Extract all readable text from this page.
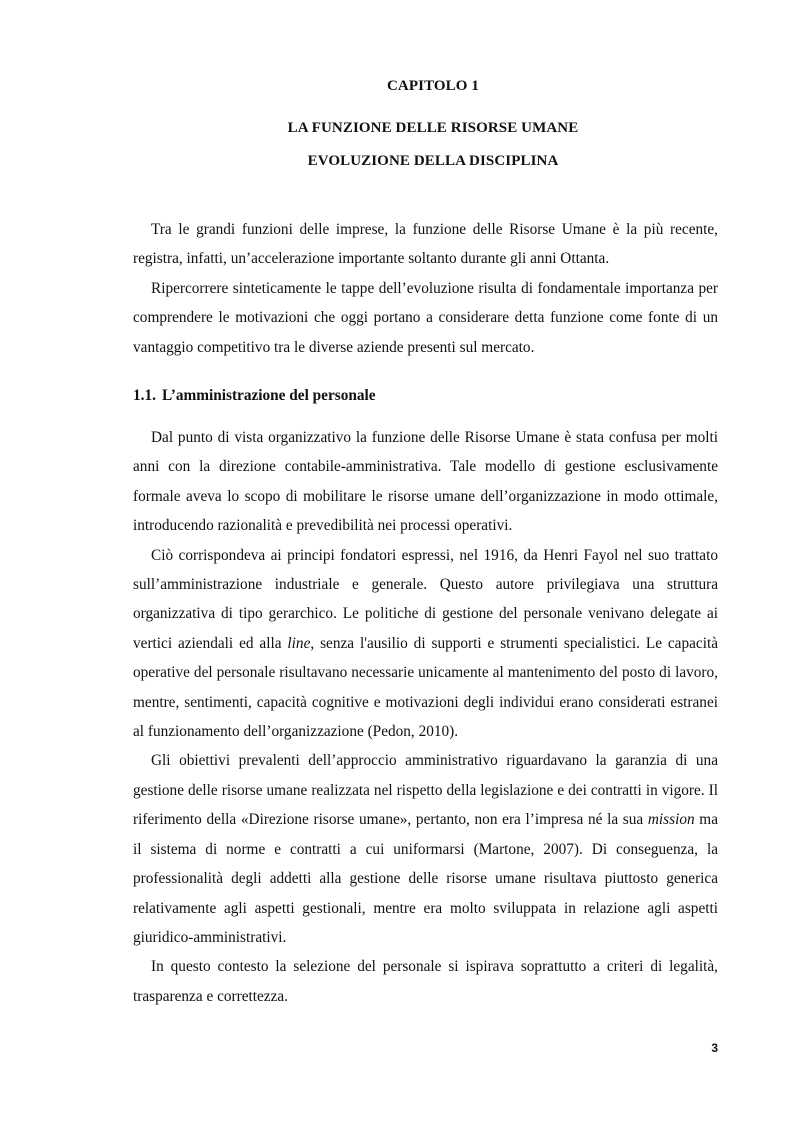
CAPITOLO 1
LA FUNZIONE DELLE RISORSE UMANE
EVOLUZIONE DELLA DISCIPLINA

Tra le grandi funzioni delle imprese, la funzione delle Risorse Umane è la più recente, registra, infatti, un’accelerazione importante soltanto durante gli anni Ottanta.

Ripercorrere sinteticamente le tappe dell’evoluzione risulta di fondamentale importanza per comprendere le motivazioni che oggi portano a considerare detta funzione come fonte di un vantaggio competitivo tra le diverse aziende presenti sul mercato.

1.1. L’amministrazione del personale

Dal punto di vista organizzativo la funzione delle Risorse Umane è stata confusa per molti anni con la direzione contabile-amministrativa. Tale modello di gestione esclusivamente formale aveva lo scopo di mobilitare le risorse umane dell’organizzazione in modo ottimale, introducendo razionalità e prevedibilità nei processi operativi.

Ciò corrispondeva ai principi fondatori espressi, nel 1916, da Henri Fayol nel suo trattato sull’amministrazione industriale e generale. Questo autore privilegiava una struttura organizzativa di tipo gerarchico. Le politiche di gestione del personale venivano delegate ai vertici aziendali ed alla line, senza l'ausilio di supporti e strumenti specialistici. Le capacità operative del personale risultavano necessarie unicamente al mantenimento del posto di lavoro, mentre, sentimenti, capacità cognitive e motivazioni degli individui erano considerati estranei al funzionamento dell’organizzazione (Pedon, 2010).

Gli obiettivi prevalenti dell’approccio amministrativo riguardavano la garanzia di una gestione delle risorse umane realizzata nel rispetto della legislazione e dei contratti in vigore. Il riferimento della «Direzione risorse umane», pertanto, non era l’impresa né la sua mission ma il sistema di norme e contratti a cui uniformarsi (Martone, 2007). Di conseguenza, la professionalità degli addetti alla gestione delle risorse umane risultava piuttosto generica relativamente agli aspetti gestionali, mentre era molto sviluppata in relazione agli aspetti giuridico-amministrativi.

In questo contesto la selezione del personale si ispirava soprattutto a criteri di legalità, trasparenza e correttezza.

3
